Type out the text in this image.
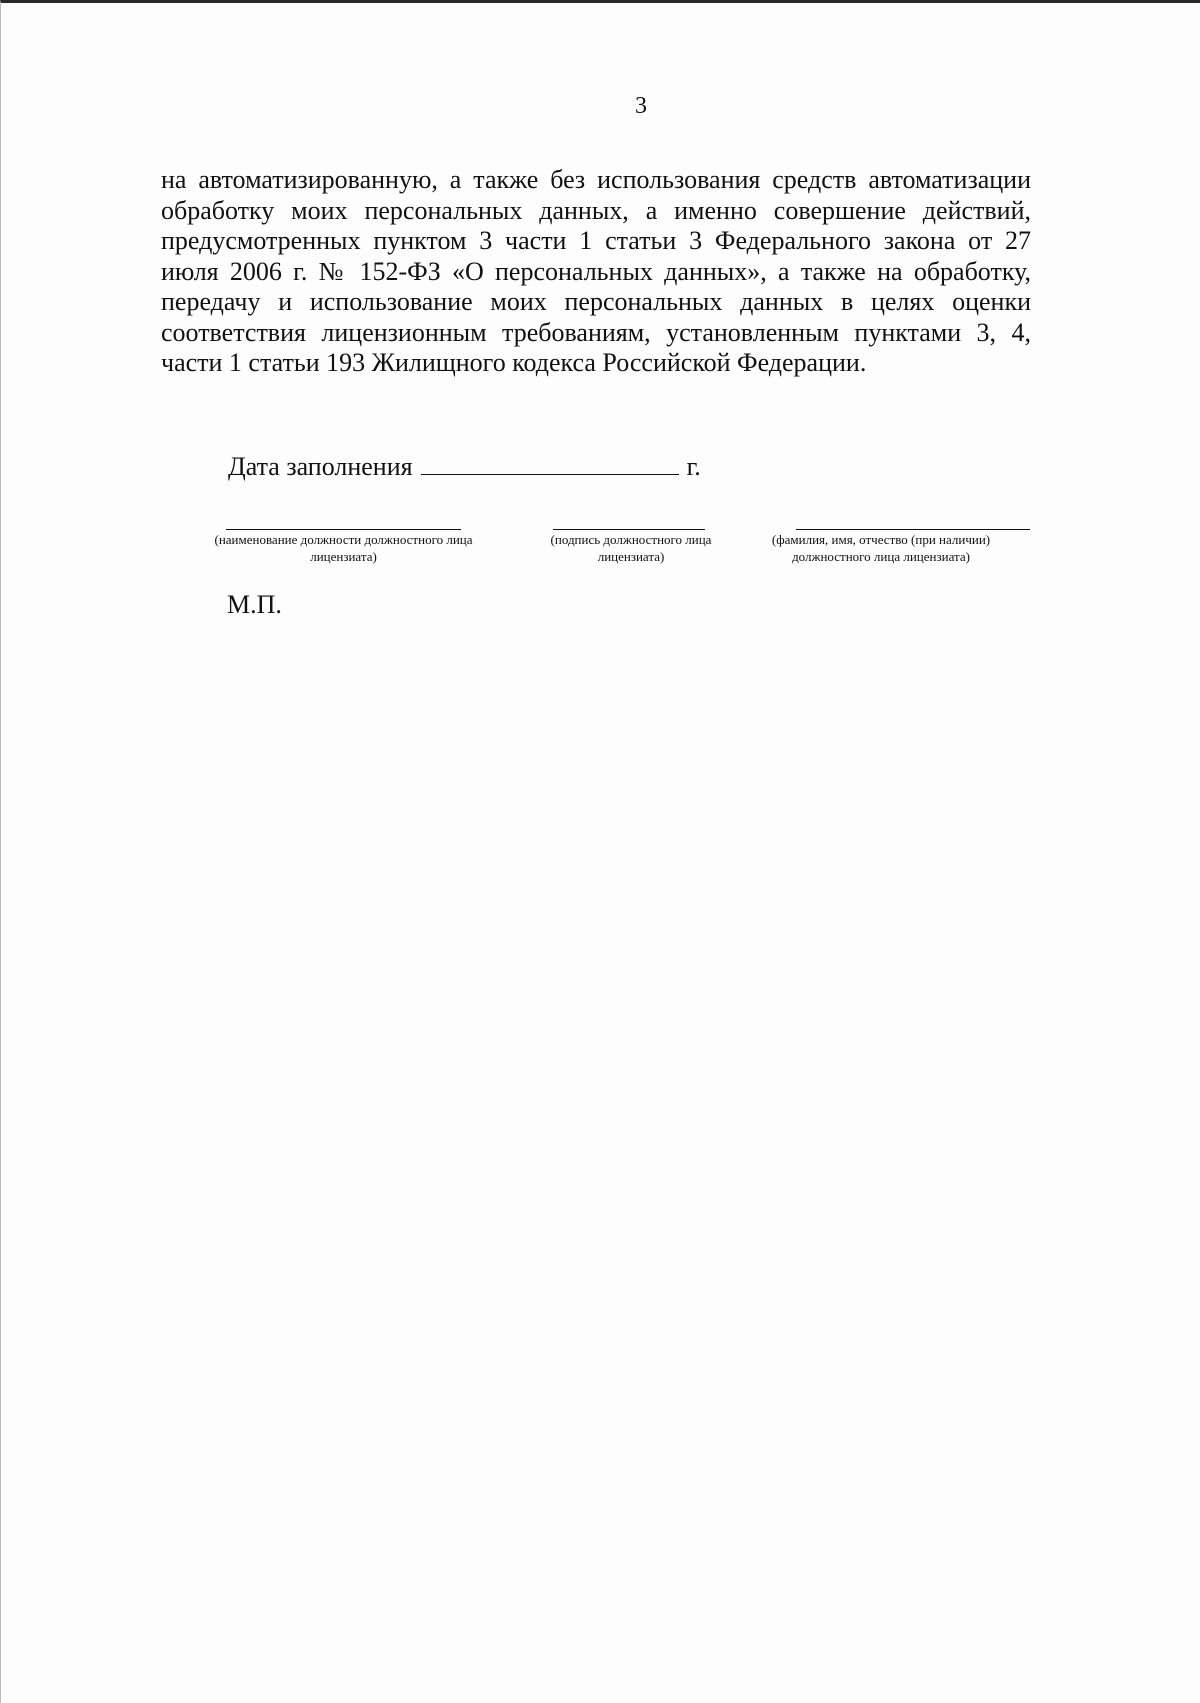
3

на автоматизированную, а также без использования средств автоматизации обработку моих персональных данных, а именно совершение действий, предусмотренных пунктом 3 части 1 статьи 3 Федерального закона от 27 июля 2006 г. № 152-ФЗ «О персональных данных», а также на обработку, передачу и использование моих персональных данных в целях оценки соответствия лицензионным требованиям, установленным пунктами 3, 4, части 1 статьи 193 Жилищного кодекса Российской Федерации.

Дата заполнения	г.
(наименование должности должностного лица лицензиата)
(подпись должностного лица лицензиата)
(фамилия, имя, отчество (при наличии) должностного лица лицензиата)
М.П.
